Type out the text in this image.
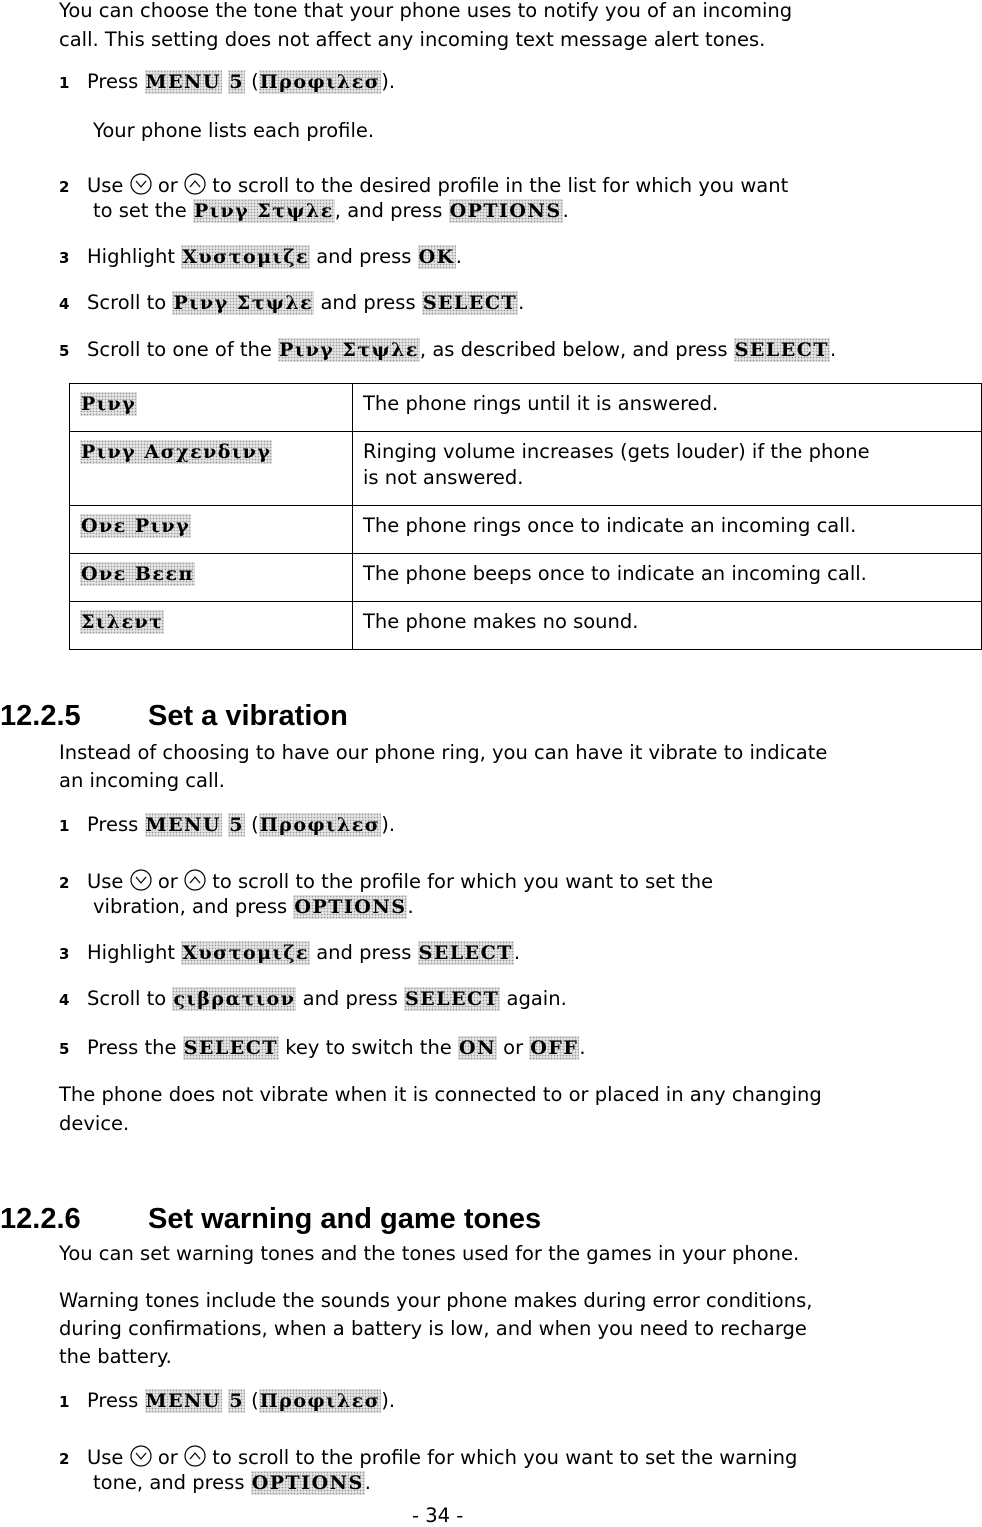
You can choose the tone that your phone uses to notify you of an incoming
call. This setting does not affect any incoming text message alert tones.
1 Press MENU 5 (Προφιλεσ).
Your phone lists each profile.
2 Use  or  to scroll to the desired profile in the list for which you want
to set the Ρινγ Στψλε, and press OPTIONS.
3 Highlight Χυστομιζε and press OK.
4 Scroll to Ρινγ Στψλε and press SELECT.
5 Scroll to one of the Ρινγ Στψλε, as described below, and press SELECT.
Ρινγ	The phone rings until it is answered.
Ρινγ Ασχενδινγ	Ringing volume increases (gets louder) if the phone
is not answered.
Ονε Ρινγ	The phone rings once to indicate an incoming call.
Ονε Βεεπ	The phone beeps once to indicate an incoming call.
Σιλεντ	The phone makes no sound.
12.2.5 Set a vibration
Instead of choosing to have our phone ring, you can have it vibrate to indicate
an incoming call.
1 Press MENU 5 (Προφιλεσ).
2 Use  or  to scroll to the profile for which you want to set the
vibration, and press OPTIONS.
3 Highlight Χυστομιζε and press SELECT.
4 Scroll to ςιβρατιον and press SELECT again.
5 Press the SELECT key to switch the ON or OFF.
The phone does not vibrate when it is connected to or placed in any changing
device.
12.2.6 Set warning and game tones
You can set warning tones and the tones used for the games in your phone.
Warning tones include the sounds your phone makes during error conditions,
during confirmations, when a battery is low, and when you need to recharge
the battery.
1 Press MENU 5 (Προφιλεσ).
2 Use  or  to scroll to the profile for which you want to set the warning
tone, and press OPTIONS.
- 34 -
